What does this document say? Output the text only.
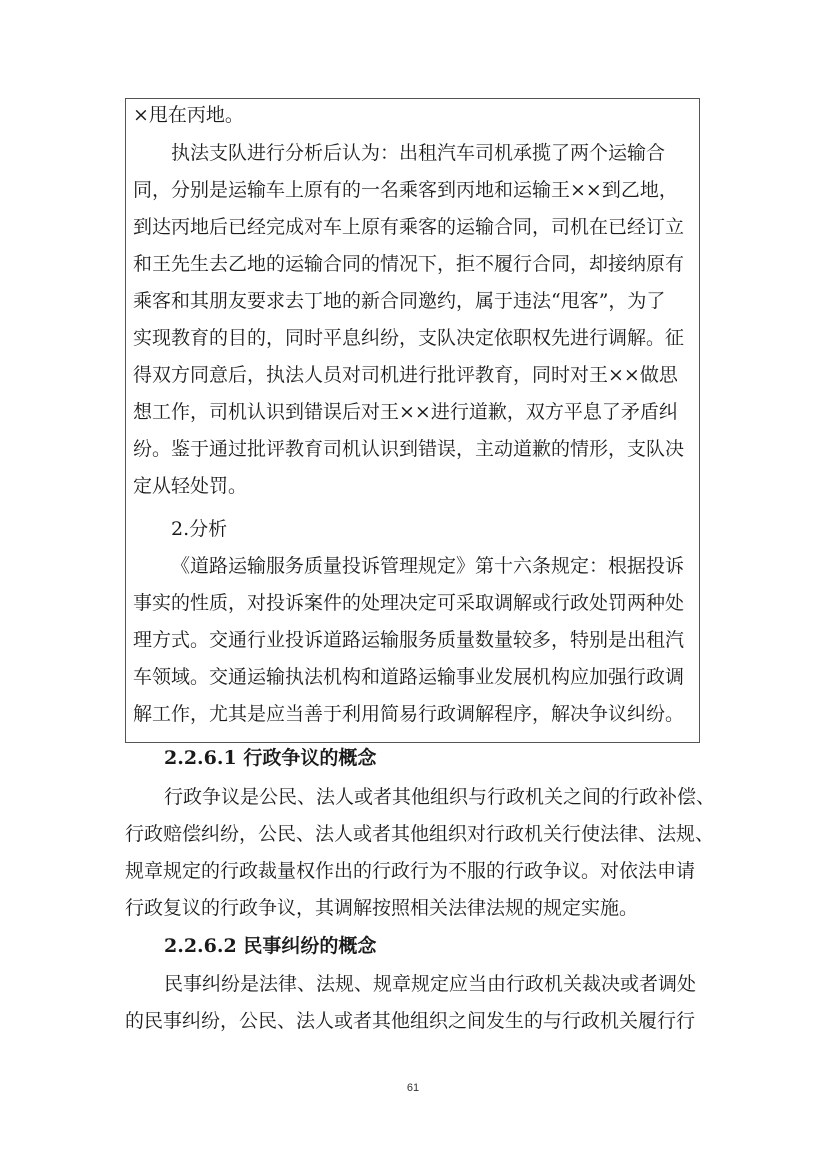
×甩在丙地。

执法支队进行分析后认为：出租汽车司机承揽了两个运输合

同，分别是运输车上原有的一名乘客到丙地和运输王××到乙地，

到达丙地后已经完成对车上原有乘客的运输合同，司机在已经订立

和王先生去乙地的运输合同的情况下，拒不履行合同，却接纳原有

乘客和其朋友要求去丁地的新合同邀约，属于违法“甩客”，为了

实现教育的目的，同时平息纠纷，支队决定依职权先进行调解。征

得双方同意后，执法人员对司机进行批评教育，同时对王××做思

想工作，司机认识到错误后对王××进行道歉，双方平息了矛盾纠

纷。鉴于通过批评教育司机认识到错误，主动道歉的情形，支队决

定从轻处罚。

2.分析

《道路运输服务质量投诉管理规定》第十六条规定：根据投诉

事实的性质，对投诉案件的处理决定可采取调解或行政处罚两种处

理方式。交通行业投诉道路运输服务质量数量较多，特别是出租汽

车领域。交通运输执法机构和道路运输事业发展机构应加强行政调

解工作，尤其是应当善于利用简易行政调解程序，解决争议纠纷。

2.2.6.1 行政争议的概念

行政争议是公民、法人或者其他组织与行政机关之间的行政补偿、

行政赔偿纠纷，公民、法人或者其他组织对行政机关行使法律、法规、

规章规定的行政裁量权作出的行政行为不服的行政争议。对依法申请

行政复议的行政争议，其调解按照相关法律法规的规定实施。

2.2.6.2 民事纠纷的概念

民事纠纷是法律、法规、规章规定应当由行政机关裁决或者调处

的民事纠纷，公民、法人或者其他组织之间发生的与行政机关履行行

61
